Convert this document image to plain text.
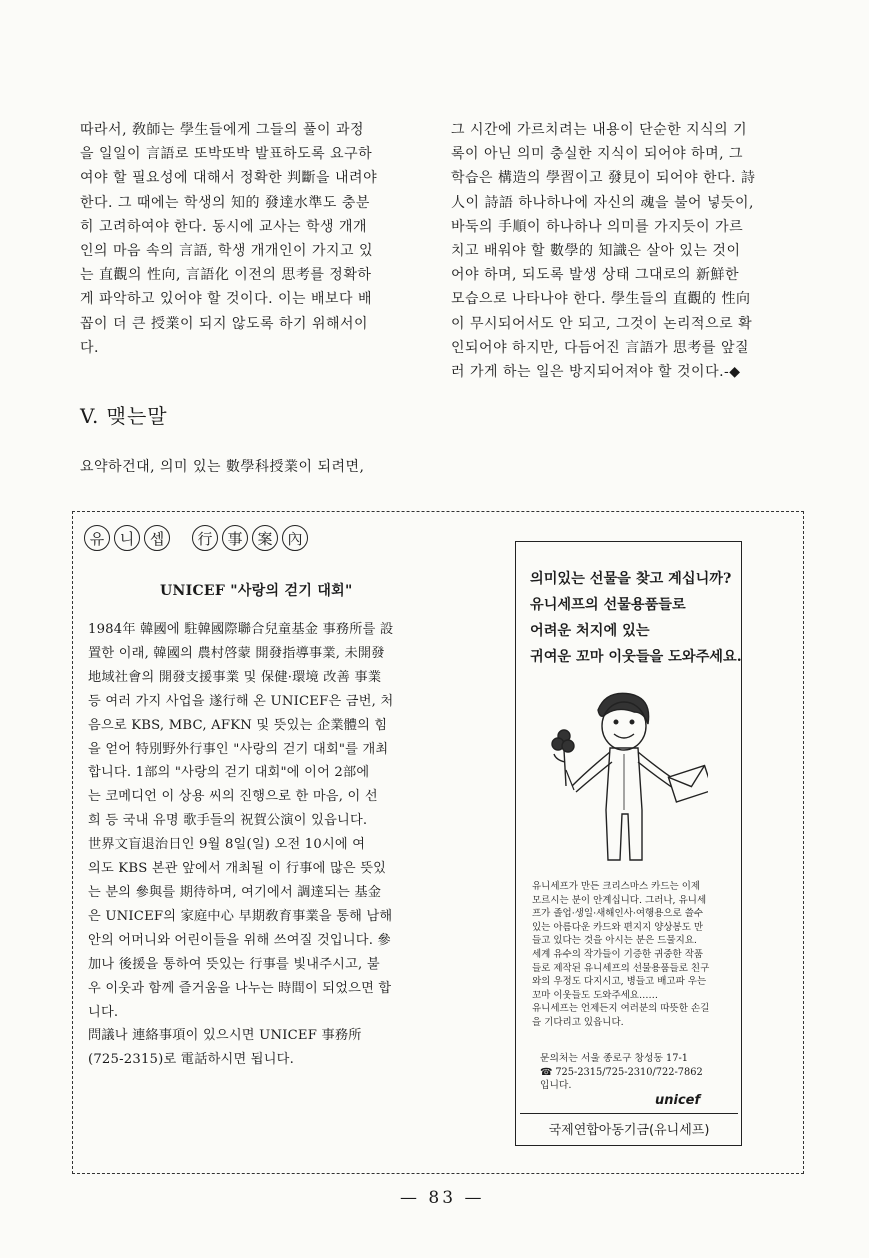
따라서, 敎師는 學生들에게 그들의 풀이 과정

을 일일이 言語로 또박또박 발표하도록 요구하

여야 할 필요성에 대해서 정확한 判斷을 내려야

한다. 그 때에는 학생의 知的 發達水準도 충분

히 고려하여야 한다. 동시에 교사는 학생 개개

인의 마음 속의 言語, 학생 개개인이 가지고 있

는 直觀의 性向, 言語化 이전의 思考를 정확하

게 파악하고 있어야 할 것이다. 이는 배보다 배

꼽이 더 큰 授業이 되지 않도록 하기 위해서이

다.

그 시간에 가르치려는 내용이 단순한 지식의 기

록이 아닌 의미 충실한 지식이 되어야 하며, 그

학습은 構造의 學習이고 發見이 되어야 한다. 詩

人이 詩語 하나하나에 자신의 魂을 불어 넣듯이,

바둑의 手順이 하나하나 의미를 가지듯이 가르

치고 배워야 할 數學的 知識은 살아 있는 것이

어야 하며, 되도록 발생 상태 그대로의 新鮮한

모습으로 나타나야 한다. 學生들의 直觀的 性向

이 무시되어서도 안 되고, 그것이 논리적으로 확

인되어야 하지만, 다듬어진 言語가 思考를 앞질

러 가게 하는 일은 방지되어져야 할 것이다.-◆

V. 맺는말
요약하건대, 의미 있는 數學科授業이 되려면,
유	니	셉	行 事 案 內
UNICEF "사랑의 걷기 대회"

1984年 韓國에 駐韓國際聯合兒童基金 事務所를 設

置한 이래, 韓國의 農村啓蒙 開發指導事業, 未開發

地域社會의 開發支援事業 및 保健·環境 改善 事業

등 여러 가지 사업을 遂行해 온 UNICEF은 금번, 처

음으로 KBS, MBC, AFKN 및 뜻있는 企業體의 힘

을 얻어 特別野外行事인 "사랑의 걷기 대회"를 개최

합니다. 1部의 "사랑의 걷기 대회"에 이어 2部에

는 코메디언 이 상용 씨의 진행으로 한 마음, 이 선

희 등 국내 유명 歌手들의 祝賀公演이 있읍니다.

世界文盲退治日인 9월 8일(일) 오전 10시에 여

의도 KBS 본관 앞에서 개최될 이 行事에 많은 뜻있

는 분의 參與를 期待하며, 여기에서 調達되는 基金

은 UNICEF의 家庭中心 早期敎育事業을 통해 남해

안의 어머니와 어린이들을 위해 쓰여질 것입니다. 參

加나 後援을 통하여 뜻있는 行事를 빛내주시고, 불

우 이웃과 함께 즐거움을 나누는 時間이 되었으면 합

니다.

問議나 連絡事項이 있으시면 UNICEF 事務所

(725-2315)로 電話하시면 됩니다.

의미있는 선물을 찾고 계십니까?

유니세프의 선물용품들로

어려운 처지에 있는

귀여운 꼬마 이웃들을 도와주세요.

유니세프가 만든 크리스마스 카드는 이제

모르시는 분이 안계십니다. 그러나, 유니세

프가 졸업·생일·새해인사·여행용으로 쓸수

있는 아름다운 카드와 편지지 양상봉도 만

들고 있다는 것을 아시는 분은 드물지요.

세계 유수의 작가들이 기증한 귀중한 작품

들로 제작된 유니세프의 선물용품들로 친구

와의 우정도 다지시고, 병들고 배고파 우는

꼬마 이웃들도 도와주세요……

유니세프는 언제든지 여러분의 따뜻한 손길

을 기다리고 있읍니다.

문의처는 서울 종로구 창성동 17-1

☎ 725-2315/725-2310/722-7862

입니다.

unicef
국제연합아동기금(유니세프)
— 83 —
